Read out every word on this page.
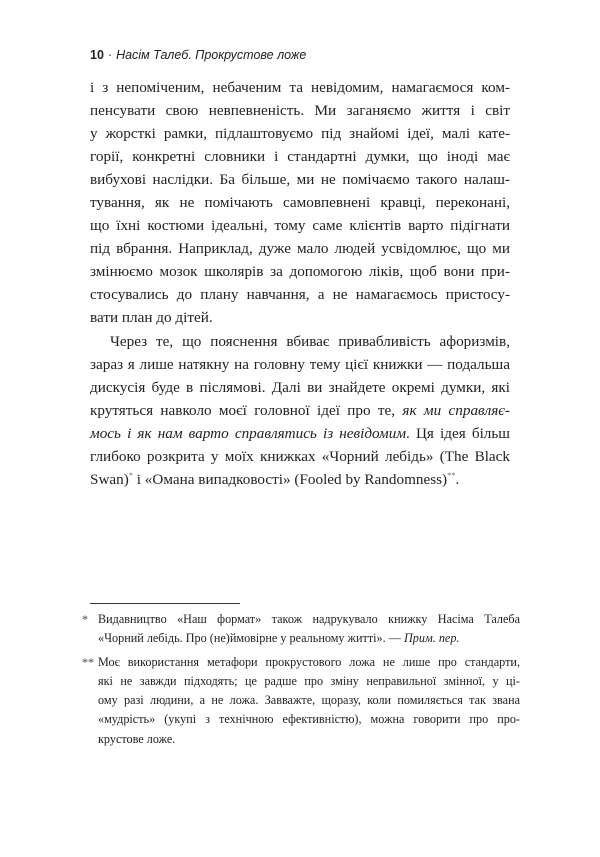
10 · Насім Талеб. Прокрустове ложе
і з непоміченим, небаченим та невідомим, намагаємося ком-
пенсувати свою невпевненість. Ми заганяємо життя і світ
у жорсткі рамки, підлаштовуємо під знайомі ідеї, малі кате-
горії, конкретні словники і стандартні думки, що іноді має
вибухові наслідки. Ба більше, ми не помічаємо такого налаш-
тування, як не помічають самовпевнені кравці, переконані,
що їхні костюми ідеальні, тому саме клієнтів варто підігнати
під вбрання. Наприклад, дуже мало людей усвідомлює, що ми
змінюємо мозок школярів за допомогою ліків, щоб вони при-
стосувались до плану навчання, а не намагаємось пристосу-
вати план до дітей.
Через те, що пояснення вбиває привабливість афоризмів,
зараз я лише натякну на головну тему цієї книжки — подальша
дискусія буде в післямові. Далі ви знайдете окремі думки, які
крутяться навколо моєї головної ідеї про те, як ми справляє-
мось і як нам варто справлятись із невідомим. Ця ідея більш
глибоко розкрита у моїх книжках «Чорний лебідь» (The Black
Swan)* і «Омана випадковості» (Fooled by Randomness)**.
* Видавництво «Наш формат» також надрукувало книжку Насіма Талеба
«Чорний лебідь. Про (не)ймовірне у реальному житті». — Прим. пер.
** Моє використання метафори прокрустового ложа не лише про стандарти,
які не завжди підходять; це радше про зміну неправильної змінної, у ці-
ому разі людини, а не ложа. Завважте, щоразу, коли помиляється так звана
«мудрість» (укупі з технічною ефективністю), можна говорити про про-
крустове ложе.
